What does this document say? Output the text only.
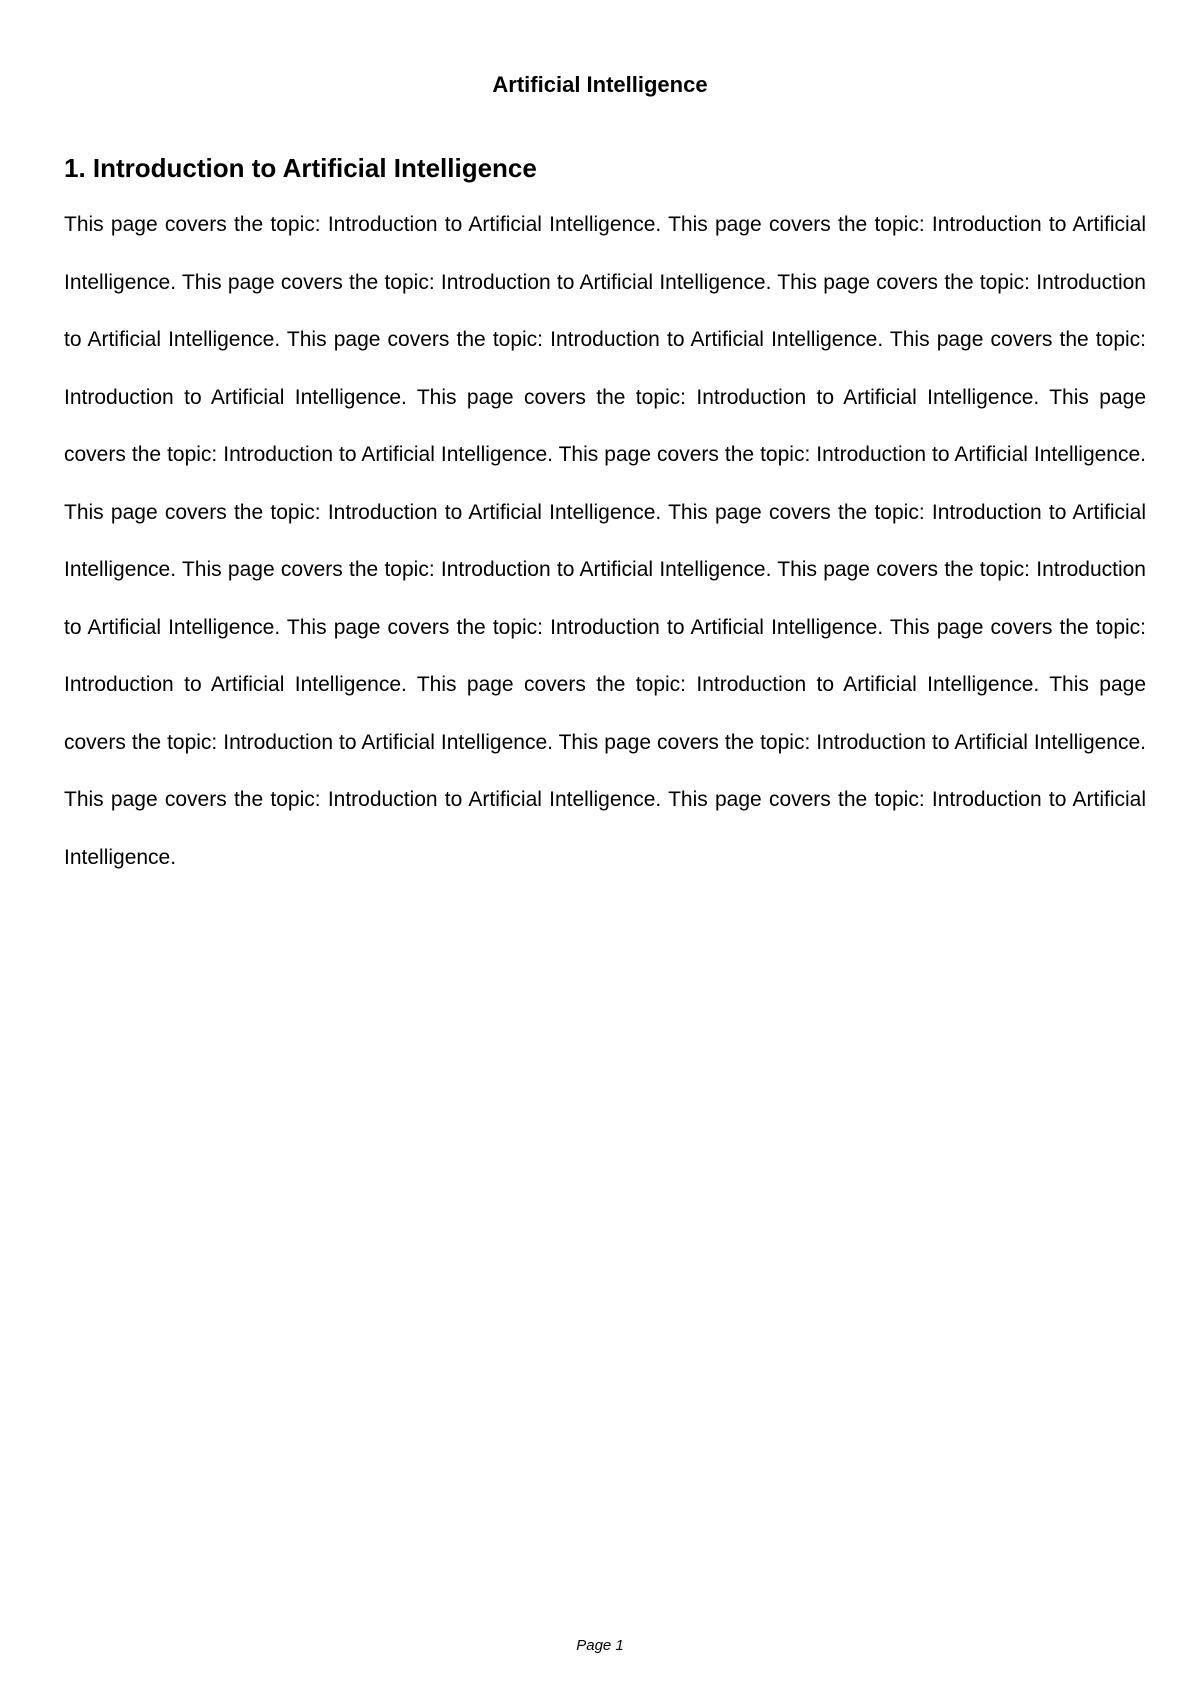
Artificial Intelligence
1. Introduction to Artificial Intelligence

This page covers the topic: Introduction to Artificial Intelligence. This page covers the topic: Introduction to Artificial Intelligence. This page covers the topic: Introduction to Artificial Intelligence. This page covers the topic: Introduction to Artificial Intelligence. This page covers the topic: Introduction to Artificial Intelligence. This page covers the topic: Introduction to Artificial Intelligence. This page covers the topic: Introduction to Artificial Intelligence. This page covers the topic: Introduction to Artificial Intelligence. This page covers the topic: Introduction to Artificial Intelligence. This page covers the topic: Introduction to Artificial Intelligence. This page covers the topic: Introduction to Artificial Intelligence. This page covers the topic: Introduction to Artificial Intelligence. This page covers the topic: Introduction to Artificial Intelligence. This page covers the topic: Introduction to Artificial Intelligence. This page covers the topic: Introduction to Artificial Intelligence. This page covers the topic: Introduction to Artificial Intelligence. This page covers the topic: Introduction to Artificial Intelligence. This page covers the topic: Introduction to Artificial Intelligence. This page covers the topic: Introduction to Artificial Intelligence. This page covers the topic: Introduction to Artificial Intelligence.

Page 1
